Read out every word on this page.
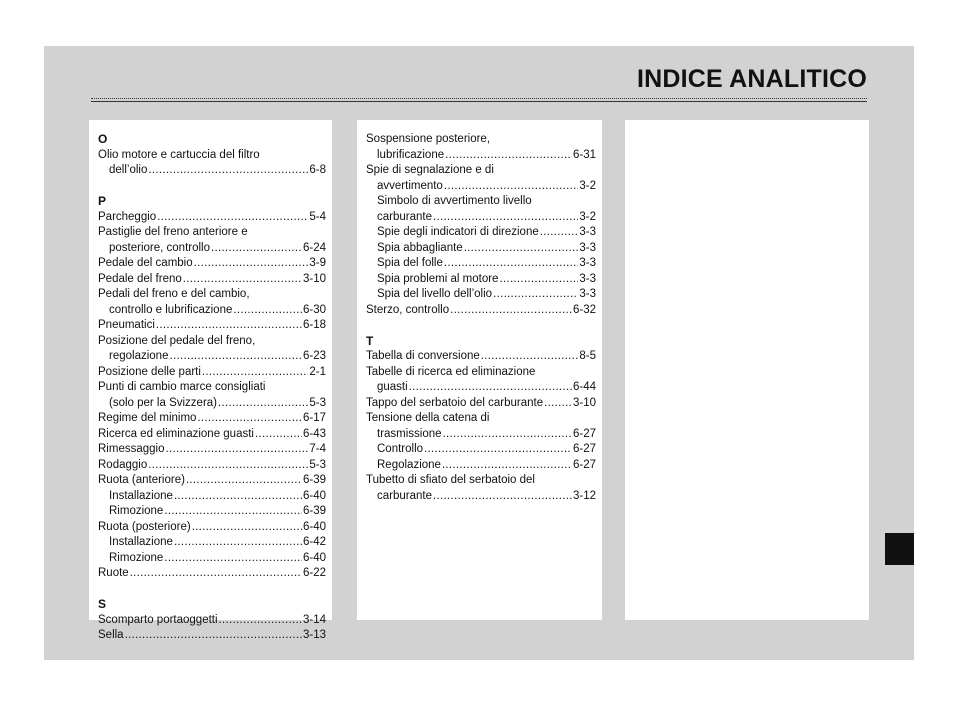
INDICE ANALITICO
O
Olio motore e cartuccia del filtro
dell’olio .....	6-8
P
Parcheggio .....	5-4
Pastiglie del freno anteriore e
posteriore, controllo .....	6-24
Pedale del cambio .....	3-9
Pedale del freno .....	3-10
Pedali del freno e del cambio,
controllo e lubrificazione .....	6-30
Pneumatici .....	6-18
Posizione del pedale del freno,
regolazione .....	6-23
Posizione delle parti .....	2-1
Punti di cambio marce consigliati
(solo per la Svizzera) .....	5-3
Regime del minimo .....	6-17
Ricerca ed eliminazione guasti .....	6-43
Rimessaggio .....	7-4
Rodaggio .....	5-3
Ruota (anteriore) .....	6-39
Installazione .....	6-40
Rimozione .....	6-39
Ruota (posteriore) .....	6-40
Installazione .....	6-42
Rimozione .....	6-40
Ruote .....	6-22
S
Scomparto portaoggetti .....	3-14
Sella .....	3-13
Sospensione posteriore,
lubrificazione .....	6-31
Spie di segnalazione e di
avvertimento .....	3-2
Simbolo di avvertimento livello
carburante .....	3-2
Spie degli indicatori di direzione .....	3-3
Spia abbagliante .....	3-3
Spia del folle .....	3-3
Spia problemi al motore .....	3-3
Spia del livello dell’olio .....	3-3
Sterzo, controllo .....	6-32
T
Tabella di conversione .....	8-5
Tabelle di ricerca ed eliminazione
guasti .....	6-44
Tappo del serbatoio del carburante .....	3-10
Tensione della catena di
trasmissione .....	6-27
Controllo .....	6-27
Regolazione .....	6-27
Tubetto di sfiato del serbatoio del
carburante .....	3-12
